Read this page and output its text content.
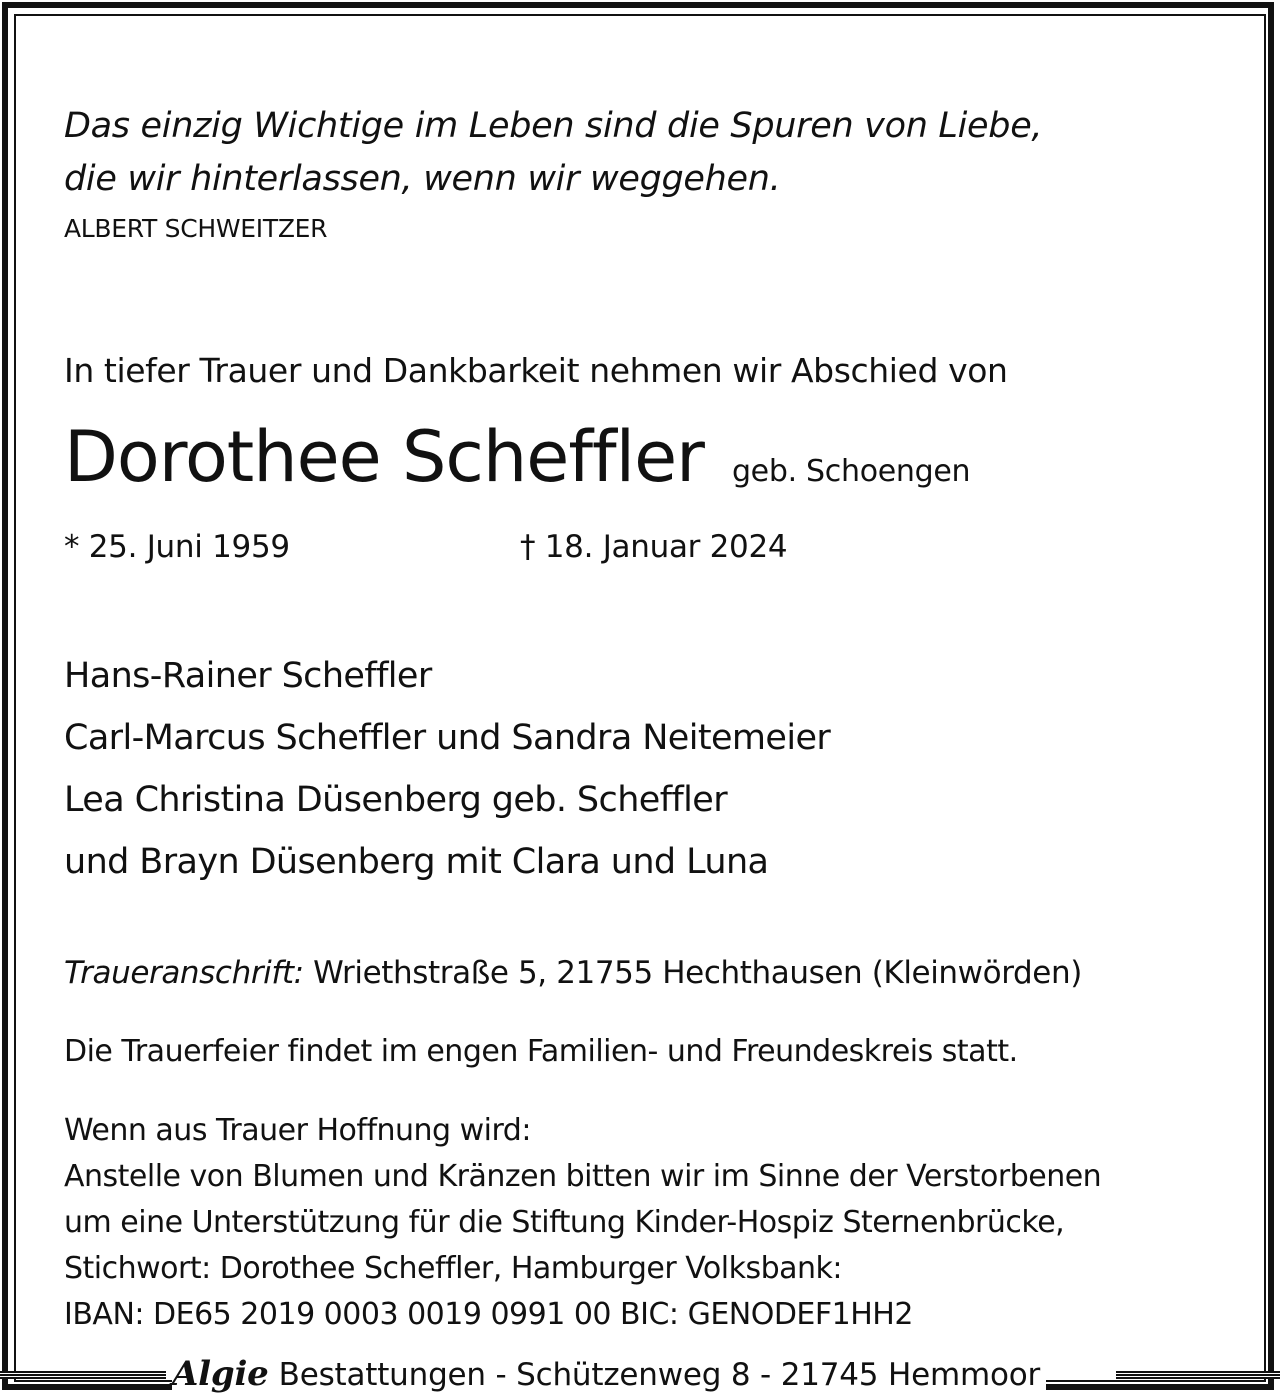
Das einzig Wichtige im Leben sind die Spuren von Liebe,
die wir hinterlassen, wenn wir weggehen.
ALBERT SCHWEITZER
In tiefer Trauer und Dankbarkeit nehmen wir Abschied von
Dorothee Scheffler geb. Schoengen
* 25. Juni 1959	† 18. Januar 2024
Hans-Rainer Scheffler
Carl-Marcus Scheffler und Sandra Neitemeier
Lea Christina Düsenberg geb. Scheffler
und Brayn Düsenberg mit Clara und Luna
Traueranschrift: Wriethstraße 5, 21755 Hechthausen (Kleinwörden)
Die Trauerfeier findet im engen Familien- und Freundeskreis statt.
Wenn aus Trauer Hoffnung wird:
Anstelle von Blumen und Kränzen bitten wir im Sinne der Verstorbenen
um eine Unterstützung für die Stiftung Kinder-Hospiz Sternenbrücke,
Stichwort: Dorothee Scheffler, Hamburger Volksbank:
IBAN: DE65 2019 0003 0019 0991 00 BIC: GENODEF1HH2
Algie Bestattungen - Schützenweg 8 - 21745 Hemmoor
